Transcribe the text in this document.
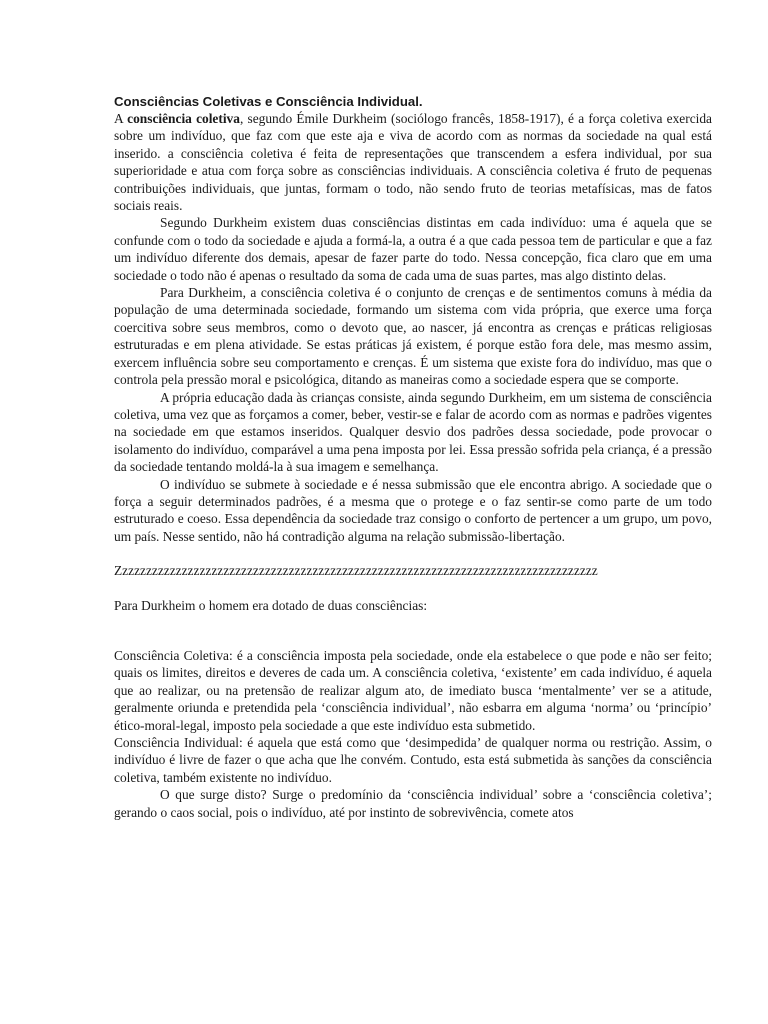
Consciências Coletivas e Consciência Individual.

A consciência coletiva, segundo Émile Durkheim (sociólogo francês, 1858-1917), é a força coletiva exercida sobre um indivíduo, que faz com que este aja e viva de acordo com as normas da sociedade na qual está inserido. a consciência coletiva é feita de representações que transcendem a esfera individual, por sua superioridade e atua com força sobre as consciências individuais. A consciência coletiva é fruto de pequenas contribuições individuais, que juntas, formam o todo, não sendo fruto de teorias metafísicas, mas de fatos sociais reais.

Segundo Durkheim existem duas consciências distintas em cada indivíduo: uma é aquela que se confunde com o todo da sociedade e ajuda a formá-la, a outra é a que cada pessoa tem de particular e que a faz um indivíduo diferente dos demais, apesar de fazer parte do todo. Nessa concepção, fica claro que em uma sociedade o todo não é apenas o resultado da soma de cada uma de suas partes, mas algo distinto delas.

Para Durkheim, a consciência coletiva é o conjunto de crenças e de sentimentos comuns à média da população de uma determinada sociedade, formando um sistema com vida própria, que exerce uma força coercitiva sobre seus membros, como o devoto que, ao nascer, já encontra as crenças e práticas religiosas estruturadas e em plena atividade. Se estas práticas já existem, é porque estão fora dele, mas mesmo assim, exercem influência sobre seu comportamento e crenças. É um sistema que existe fora do indivíduo, mas que o controla pela pressão moral e psicológica, ditando as maneiras como a sociedade espera que se comporte.

A própria educação dada às crianças consiste, ainda segundo Durkheim, em um sistema de consciência coletiva, uma vez que as forçamos a comer, beber, vestir-se e falar de acordo com as normas e padrões vigentes na sociedade em que estamos inseridos. Qualquer desvio dos padrões dessa sociedade, pode provocar o isolamento do indivíduo, comparável a uma pena imposta por lei. Essa pressão sofrida pela criança, é a pressão da sociedade tentando moldá-la à sua imagem e semelhança.

O indivíduo se submete à sociedade e é nessa submissão que ele encontra abrigo. A sociedade que o força a seguir determinados padrões, é a mesma que o protege e o faz sentir-se como parte de um todo estruturado e coeso. Essa dependência da sociedade traz consigo o conforto de pertencer a um grupo, um povo, um país. Nesse sentido, não há contradição alguma na relação submissão-libertação.

Zzzzzzzzzzzzzzzzzzzzzzzzzzzzzzzzzzzzzzzzzzzzzzzzzzzzzzzzzzzzzzzzzzzzzzzzzzzzzzzzz

Para Durkheim o homem era dotado de duas consciências:

Consciência Coletiva: é a consciência imposta pela sociedade, onde ela estabelece o que pode e não ser feito; quais os limites, direitos e deveres de cada um. A consciência coletiva, ‘existente’ em cada indivíduo, é aquela que ao realizar, ou na pretensão de realizar algum ato, de imediato busca ‘mentalmente’ ver se a atitude, geralmente oriunda e pretendida pela ‘consciência individual’, não esbarra em alguma ‘norma’ ou ‘princípio’ ético-moral-legal, imposto pela sociedade a que este indivíduo esta submetido.

Consciência Individual: é aquela que está como que ‘desimpedida’ de qualquer norma ou restrição. Assim, o indivíduo é livre de fazer o que acha que lhe convém. Contudo, esta está submetida às sanções da consciência coletiva, também existente no indivíduo.

O que surge disto? Surge o predomínio da ‘consciência individual’ sobre a ‘consciência coletiva’; gerando o caos social, pois o indivíduo, até por instinto de sobrevivência, comete atos
